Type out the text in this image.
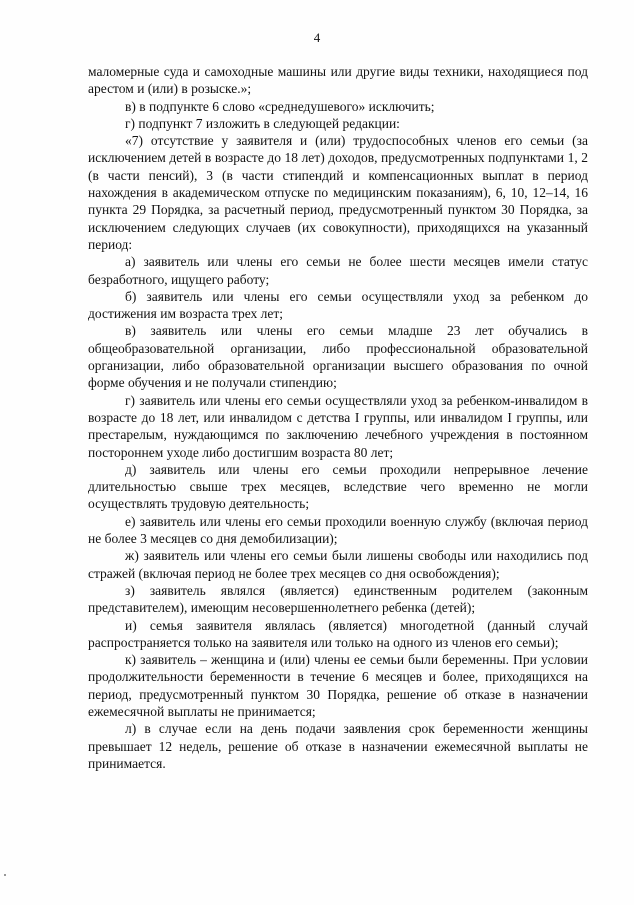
4

маломерные суда и самоходные машины или другие виды техники, находящиеся под арестом и (или) в розыске.»;

в) в подпункте 6 слово «среднедушевого» исключить;

г) подпункт 7 изложить в следующей редакции:

«7) отсутствие у заявителя и (или) трудоспособных членов его семьи (за исключением детей в возрасте до 18 лет) доходов, предусмотренных подпунктами 1, 2 (в части пенсий), 3 (в части стипендий и компенсационных выплат в период нахождения в академическом отпуске по медицинским показаниям), 6, 10, 12–14, 16 пункта 29 Порядка, за расчетный период, предусмотренный пунктом 30 Порядка, за исключением следующих случаев (их совокупности), приходящихся на указанный период:

а) заявитель или члены его семьи не более шести месяцев имели статус безработного, ищущего работу;

б) заявитель или члены его семьи осуществляли уход за ребенком до достижения им возраста трех лет;

в) заявитель или члены его семьи младше 23 лет обучались в общеобразовательной организации, либо профессиональной образовательной организации, либо образовательной организации высшего образования по очной форме обучения и не получали стипендию;

г) заявитель или члены его семьи осуществляли уход за ребенком-инвалидом в возрасте до 18 лет, или инвалидом с детства I группы, или инвалидом I группы, или престарелым, нуждающимся по заключению лечебного учреждения в постоянном постороннем уходе либо достигшим возраста 80 лет;

д) заявитель или члены его семьи проходили непрерывное лечение длительностью свыше трех месяцев, вследствие чего временно не могли осуществлять трудовую деятельность;

е) заявитель или члены его семьи проходили военную службу (включая период не более 3 месяцев со дня демобилизации);

ж) заявитель или члены его семьи были лишены свободы или находились под стражей (включая период не более трех месяцев со дня освобождения);

з) заявитель являлся (является) единственным родителем (законным представителем), имеющим несовершеннолетнего ребенка (детей);

и) семья заявителя являлась (является) многодетной (данный случай распространяется только на заявителя или только на одного из членов его семьи);

к) заявитель – женщина и (или) члены ее семьи были беременны. При условии продолжительности беременности в течение 6 месяцев и более, приходящихся на период, предусмотренный пунктом 30 Порядка, решение об отказе в назначении ежемесячной выплаты не принимается;

л) в случае если на день подачи заявления срок беременности женщины превышает 12 недель, решение об отказе в назначении ежемесячной выплаты не принимается.
